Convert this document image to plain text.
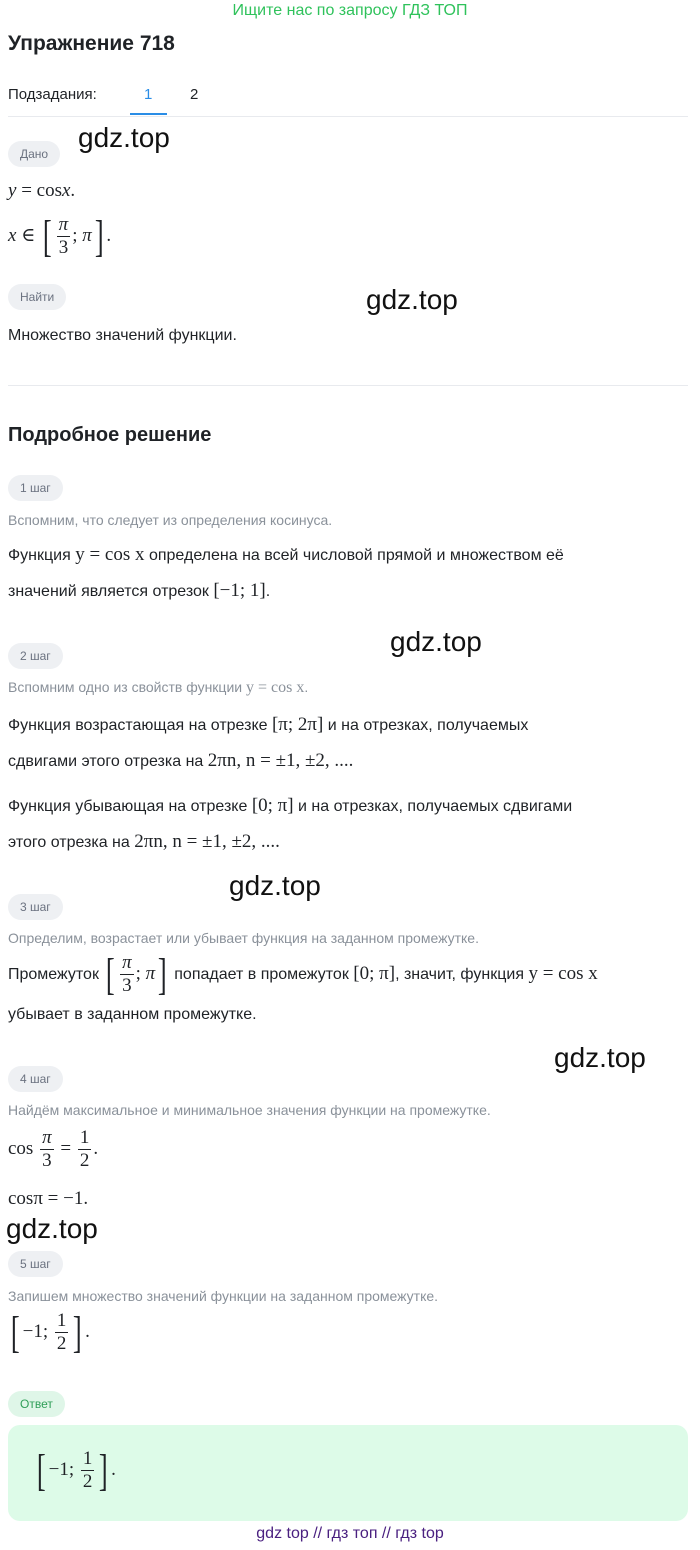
Ищите нас по запросу ГДЗ ТОП
Упражнение 718
Подзадания:	1	2
Дано
gdz.top
y = cosx.
x ∈ [ $\frac{\pi}{3}$ ; π] .
Найти	gdz.top
Множество значений функции.
Подробное решение
1 шаг
Вспомним, что следует из определения косинуса.
Функция y = cos x определена на всей числовой прямой и множеством её
значений является отрезок [−1; 1].
gdz.top
2 шаг
Вспомним одно из свойств функции y = cos x.
Функция возрастающая на отрезке [π; 2π] и на отрезках, получаемых
сдвигами этого отрезка на 2πn, n = ±1, ±2, ....
Функция убывающая на отрезке [0; π] и на отрезках, получаемых сдвигами
этого отрезка на 2πn, n = ±1, ±2, ....
gdz.top
3 шаг
Определим, возрастает или убывает функция на заданном промежутке.
Промежуток [ $\frac{\pi}{3}$ ; π] попадает в промежуток [0; π], значит, функция y = cos x
убывает в заданном промежутке.
gdz.top
4 шаг
Найдём максимальное и минимальное значения функции на промежутке.
$\cos \frac{\pi}{3} = \frac{1}{2}$ .
cosπ = −1.
gdz.top
5 шаг
Запишем множество значений функции на заданном промежутке.
[ −1; $\frac{1}{2}$ ] .
Ответ
[ −1; $\frac{1}{2}$ ] .
gdz top // гдз топ // гдз top
